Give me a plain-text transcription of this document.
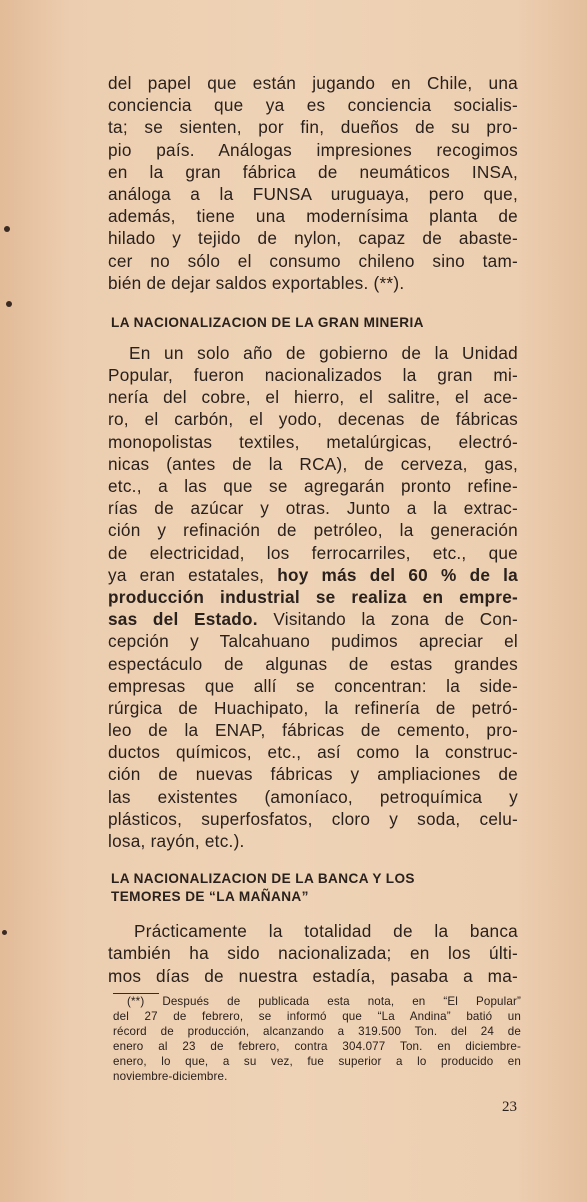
del papel que están jugando en Chile, una
conciencia que ya es conciencia socialis-
ta; se sienten, por fin, dueños de su pro-
pio país. Análogas impresiones recogimos
en la gran fábrica de neumáticos INSA,
análoga a la FUNSA uruguaya, pero que,
además, tiene una modernísima planta de
hilado y tejido de nylon, capaz de abaste-
cer no sólo el consumo chileno sino tam-
bién de dejar saldos exportables. (**).

LA NACIONALIZACION DE LA GRAN MINERIA

En un solo año de gobierno de la Unidad
Popular, fueron nacionalizados la gran mi-
nería del cobre, el hierro, el salitre, el ace-
ro, el carbón, el yodo, decenas de fábricas
monopolistas textiles, metalúrgicas, electró-
nicas (antes de la RCA), de cerveza, gas,
etc., a las que se agregarán pronto refine-
rías de azúcar y otras. Junto a la extrac-
ción y refinación de petróleo, la generación
de electricidad, los ferrocarriles, etc., que
ya eran estatales, hoy más del 60 % de la
producción industrial se realiza en empre-
sas del Estado. Visitando la zona de Con-
cepción y Talcahuano pudimos apreciar el
espectáculo de algunas de estas grandes
empresas que allí se concentran: la side-
rúrgica de Huachipato, la refinería de petró-
leo de la ENAP, fábricas de cemento, pro-
ductos químicos, etc., así como la construc-
ción de nuevas fábricas y ampliaciones de
las existentes (amoníaco, petroquímica y
plásticos, superfosfatos, cloro y soda, celu-
losa, rayón, etc.).

LA NACIONALIZACION DE LA BANCA Y LOS
TEMORES DE “LA MAÑANA”

Prácticamente la totalidad de la banca
también ha sido nacionalizada; en los últi-
mos días de nuestra estadía, pasaba a ma-

(**) Después de publicada esta nota, en “El Popular”
del 27 de febrero, se informó que “La Andina” batió un
récord de producción, alcanzando a 319.500 Ton. del 24 de
enero al 23 de febrero, contra 304.077 Ton. en diciembre-
enero, lo que, a su vez, fue superior a lo producido en
noviembre-diciembre.
23
